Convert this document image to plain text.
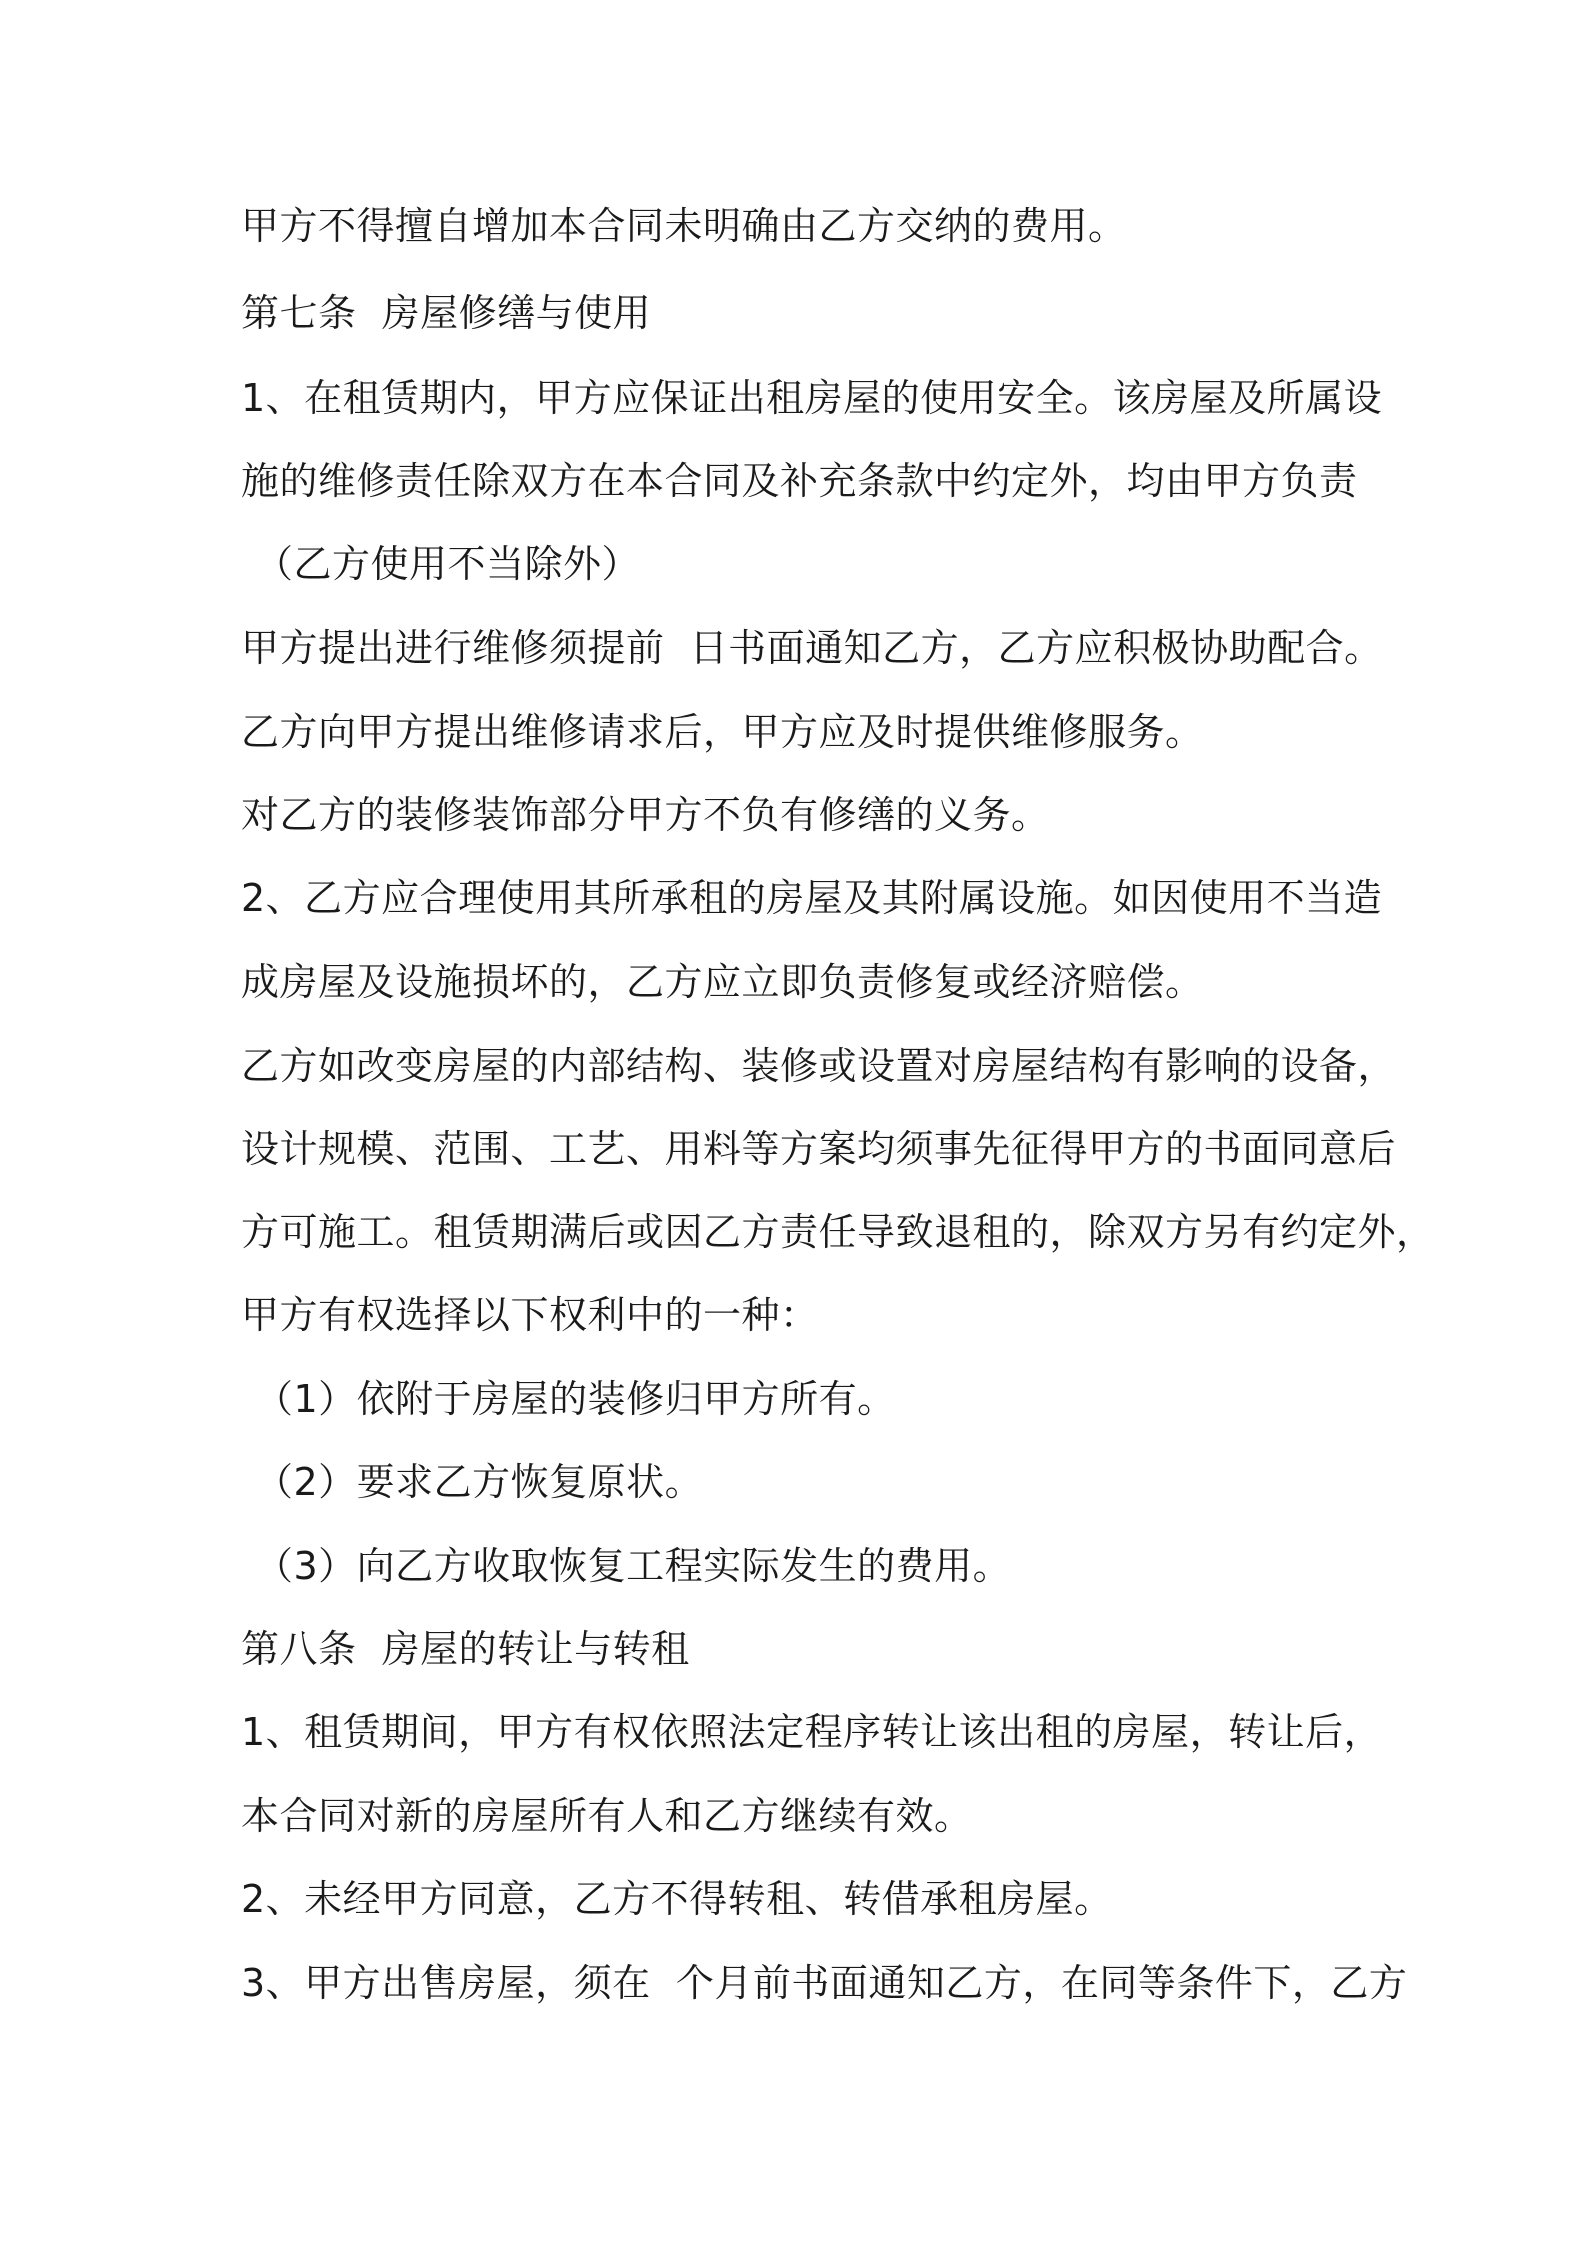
甲方不得擅自增加本合同未明确由乙方交纳的费用。
第七条  房屋修缮与使用
1、在租赁期内，甲方应保证出租房屋的使用安全。该房屋及所属设
施的维修责任除双方在本合同及补充条款中约定外，均由甲方负责
（乙方使用不当除外）
甲方提出进行维修须提前  日书面通知乙方，乙方应积极协助配合。
乙方向甲方提出维修请求后，甲方应及时提供维修服务。
对乙方的装修装饰部分甲方不负有修缮的义务。
2、乙方应合理使用其所承租的房屋及其附属设施。如因使用不当造
成房屋及设施损坏的，乙方应立即负责修复或经济赔偿。
乙方如改变房屋的内部结构、装修或设置对房屋结构有影响的设备，
设计规模、范围、工艺、用料等方案均须事先征得甲方的书面同意后
方可施工。租赁期满后或因乙方责任导致退租的，除双方另有约定外，
甲方有权选择以下权利中的一种：
（1）依附于房屋的装修归甲方所有。
（2）要求乙方恢复原状。
（3）向乙方收取恢复工程实际发生的费用。
第八条  房屋的转让与转租
1、租赁期间，甲方有权依照法定程序转让该出租的房屋，转让后，
本合同对新的房屋所有人和乙方继续有效。
2、未经甲方同意，乙方不得转租、转借承租房屋。
3、甲方出售房屋，须在  个月前书面通知乙方，在同等条件下，乙方
